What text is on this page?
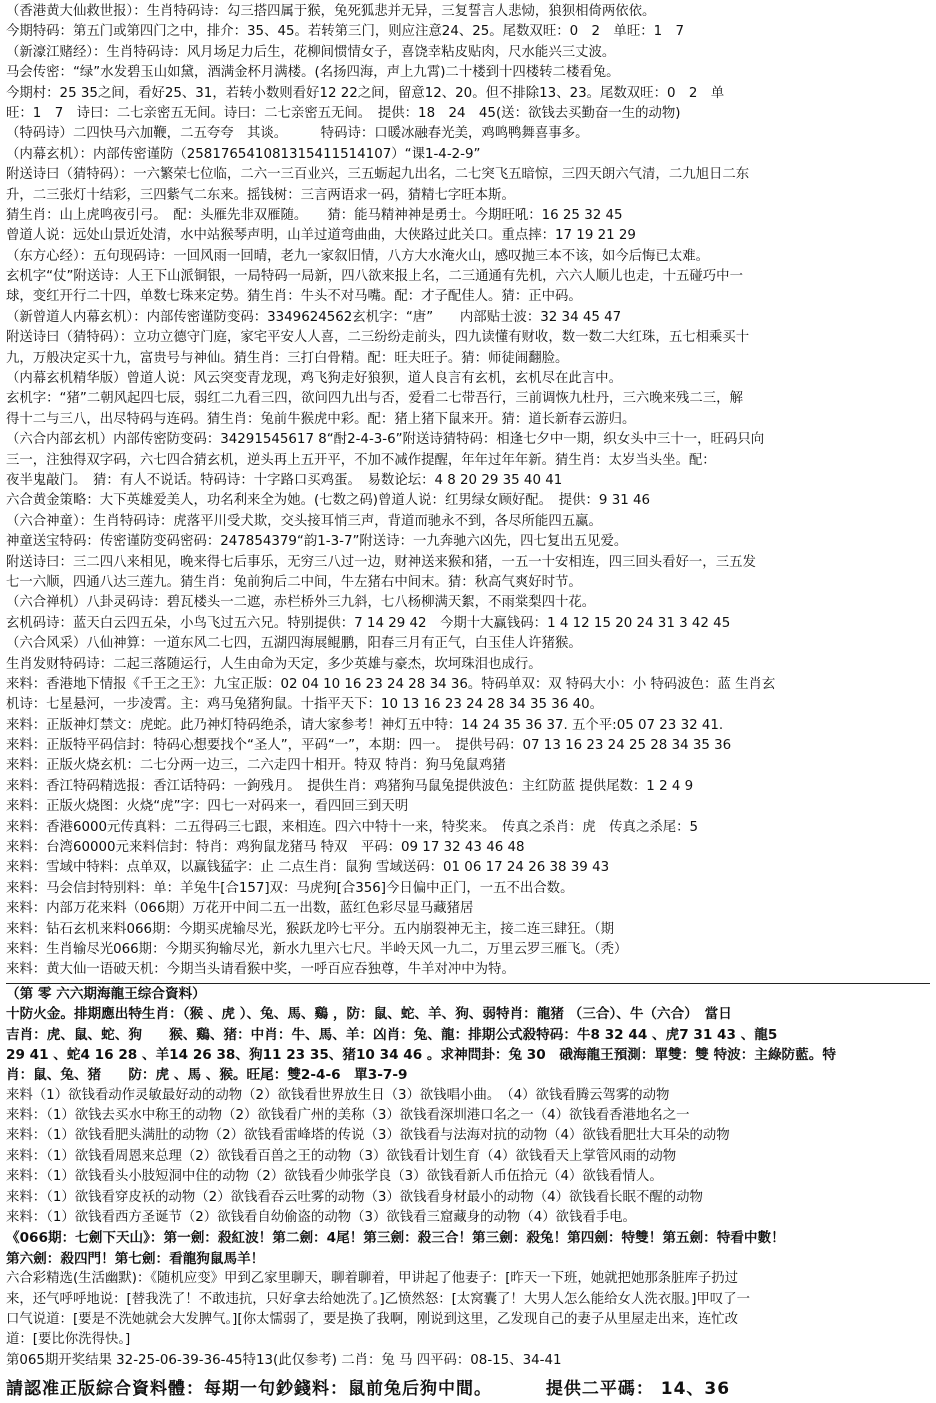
（香港黄大仙救世报）：生肖特码诗：勾三搭四属于猴，兔死狐悲并无异，三复誓言人悲恸，狼狈相倚两依依。
今期特码：第五门或第四门之中，排介：35、45。若转第三门，则应注意24、25。尾数双旺：0　2　单旺：1　7
（新濠江赌经）：生肖特码诗：风月场足力后生，花柳间惯情女子，喜饶幸粘皮贴肉，尺水能兴三丈波。
马会传密：“绿”水发碧玉山如黛，酒满金杯月满楼。(名扬四海，声上九霄)二十楼到十四楼转二楼看兔。
今期村：25 35之间，看好25、31，若转小数则看好12 22之间，留意12、20。但不排除13、23。尾数双旺：0　2　单
旺：1　7　诗曰：二七亲密五无间。诗曰：二七亲密五无间。　提供：18　24　45(送：欲钱去买勤奋一生的动物)
（特码诗）二四快马六加鞭，二五夸夸　其谈。　　　特码诗：口暖冰融春光美，鸡鸣鸭舞喜事多。
（内幕玄机）：内部传密谨防（258176541081315411514107）“课1-4-2-9”
附送诗曰（猜特码）：一六繁荣七位临，二六一三百业兴，三五蛎起九出名，二七突飞五暗惊，三四天朗六气清，二九旭日二东
升，二三张灯十结彩，三四紫气二东来。摇钱树：三言两语求一码，猜精七字旺本斯。
猜生肖：山上虎鸣夜引弓。　配：头雁先非双雁随。　　猜：能马精神神是勇士。今期旺吼：16 25 32 45
曾道人说：远处山景近处清，水中站猴琴声明，山羊过道弯曲曲，大侠路过此关口。重点摔：17 19 21 29
（东方心经）：五句现码诗：一回风雨一回晴，老九一家叙旧情，八方大水淹火山，感叹抛三本不该，如今后悔已太难。
玄机字“仗”附送诗：人王下山派铜银，一局特码一局新，四八欲来报上名，二三通通有先机，六六人顺儿也走，十五碰巧中一
球，变红开行二十四，单数七珠来定势。猜生肖：牛头不对马嘴。配：才子配佳人。猜：正中码。
（新曾道人内幕玄机）：内部传密谨防变码：3349624562玄机字：“唐”　　内部贴士波：32 34 45 47
附送诗曰（猜特码）：立功立德守门庭，家宅平安人人喜，二三纷纷走前头，四九读懂有财收，数一数二大红珠，五七相乘买十
九，万般决定买十九，富贵号与神仙。猜生肖：三打白骨精。配：旺夫旺子。猜：师徒闹翻脸。
（内幕玄机精华版）曾道人说：风云突变青龙现，鸡飞狗走好狼狈，道人良言有玄机，玄机尽在此言中。
玄机字：“猪”二朝风起四七辰，弱红二九看三四，欲问四九出与否，爱看二七带吾行，三前调恢九杜丹，三六晚来残二三，解
得十二与三八，出尽特码与连码。猜生肖：兔前牛猴虎中彩。配：猪上猪下鼠来开。猜：道长新春云游归。
（六合内部玄机）内部传密防变码：34291545617 8“酎2-4-3-6”附送诗猜特码：相逢七夕中一期，织女头中三十一，旺码只向
三一，注独得双字码，六七四合猜玄机，逆头再上五开平，不加不减作提醒，年年过年年新。猜生肖：太岁当头坐。配：
夜半鬼敲门。　猜：有人不说话。特码诗：十字路口买鸡蛋。　易数论坛：4 8 20 29 35 40 41
六合黄金策略：大下英雄爱美人，功名利来全为她。(七数之码)曾道人说：红男绿女顾好配。　提供：9 31 46
（六合神童）：生肖特码诗：虎落平川受犬欺，交头接耳悄三声，背道而驰永不到，各尽所能四五赢。
神童送宝特码：传密谨防变码密码：247854379“韵1-3-7”附送诗：一九奔驰六凶先，四七复出五见爱。
附送诗曰：三二四八来相见，晚来得七后事乐，无穷三八过一边，财神送来猴和猪，一五一十安相连，四三回头看好一，三五发
七一六顺，四通八达三莲九。猜生肖：兔前狗后二中间，牛左猪右中间末。猜：秋高气爽好时节。
（六合禅机）八卦灵码诗：碧瓦楼头一二遮，赤栏桥外三九斜，七八杨柳满天絮，不雨棠梨四十花。
玄机码诗：蓝天白云四五朵，小鸟飞过五六兄。特别提供：7 14 29 42　今期十大赢钱码：1 4 12 15 20 24 31 3 42 45
（六合风采）八仙神算：一道东风二七四，五湖四海展鲲鹏，阳春三月有正气，白玉佳人许猪猴。
生肖发财特码诗：二起三落随运行，人生由命为天定，多少英雄与豪杰，坎坷珠泪也成行。
来料：香港地下情报《千王之王》：九宝正版：02 04 10 16 23 24 28 34 36。特码单双：双 特码大小：小 特码波色：蓝 生肖玄
机诗：七星悬河，一步凌霄。主：鸡马兔猪狗鼠。十指平天下：10 13 16 23 24 28 34 35 36 40。
来料：正版神灯禁文：虎蛇。此乃神灯特码绝杀，请大家参考！神灯五中特：14 24 35 36 37. 五个平:05 07 23 32 41.
来料：正版特平码信封：特码心想要找个“圣人”，平码“一”，本期：四一。　提供号码：07 13 16 23 24 25 28 34 35 36
来料：正版火烧玄机：二七分两一边三，二六走四十相开。特双 特肖：狗马兔鼠鸡猪
来料：香江特码精选报：香江话特码：一鉤残月。　提供生肖：鸡猪狗马鼠兔提供波色：主红防蓝 提供尾数：1 2 4 9
来料：正版火烧图：火烧“虎”字：四七一对码来一，看四回三到天明
来料：香港6000元传真料：二五得码三七跟，来相连。四六中特十一来，特奖来。　传真之杀肖：虎　传真之杀尾：5
来料：台湾60000元来料信封：特肖：鸡狗鼠龙猪马 特双　平码：09 17 32 43 46 48
来料：雪域中特料：点单双，以赢钱猛字：止 二点生肖：鼠狗 雪域送码：01 06 17 24 26 38 39 43
来料：马会信封特别料：单：羊兔牛[合157]双：马虎狗[合356]今日偏中正门，一五不出合数。
来料：内部万花来料（066期）万花开中间二五一出数，蓝红色彩尽显马藏猪居
来料：钻石玄机来料066期：今期买虎输尽光，猴跃龙吟七平分。五内崩裂神无主，接二连三肆狂。（期
来料：生肖输尽光066期：今期买狗输尽光，新水九里六七尺。半岭天风一九二，万里云罗三雁飞。（秃）
来料：黄大仙一语破天机：今期当头请看猴中奖，一呼百应吞独尊，牛羊对冲中为特。
（第 零 六六期海龍王综合資料）
十防火金。排期應出特生肖：（猴 、虎 ）、兔、馬、鷄 ，防：鼠、蛇、羊、狗、弱特肖：龍猪 （三合）、牛（六合）　當日
吉肖：虎、鼠、蛇、狗　　猴、鷄、猪：中肖：牛、馬、羊：凶肖：兔、龍：排期公式殺特码：牛8 32 44 、虎7 31 43 、龍5
29 41 、蛇4 16 28 、羊14 26 38、狗11 23 35、猪10 34 46 。求神問卦：兔 30　硪海龍王預測：單雙：雙 特波：主綠防藍。特
肖：鼠、兔、猪　　防：虎 、馬 、猴。旺尾：雙2-4-6　單3-7-9
来料（1）欲钱看动作灵敏最好动的动物（2）欲钱看世界放生日（3）欲钱唱小曲。　（4）欲钱看腾云驾雾的动物
来料：（1）欲钱去买水中称王的动物（2）欲钱看广州的美称（3）欲钱看深圳港口名之一（4）欲钱看香港地名之一
来料：（1）欲钱看肥头满肚的动物（2）欲钱看雷峰塔的传说（3）欲钱看与法海对抗的动物（4）欲钱看肥壮大耳朵的动物
来料：（1）欲钱看周恩来总理（2）欲钱看百兽之王的动物（3）欲钱看计划生育（4）欲钱看天上掌管风雨的动物
来料：（1）欲钱看头小肢短洞中住的动物（2）欲钱看少帅张学良（3）欲钱看新人币伍拾元（4）欲钱看情人。
来料：（1）欲钱看穿皮袄的动物（2）欲钱看吞云吐雾的动物（3）欲钱看身材最小的动物（4）欲钱看长眠不醒的动物
来料：（1）欲钱看西方圣诞节（2）欲钱看自幼偷盗的动物（3）欲钱看三窟藏身的动物（4）欲钱看手电。
《066期：七劍下天山》：第一劍：殺紅波！第二劍：4尾！第三劍：殺三合！第三劍：殺兔！第四劍：特雙！第五劍：特看中數！
第六劍：殺四門！第七劍：看龍狗鼠馬羊！
六合彩精选(生活幽默)：《随机应变》甲到乙家里聊天，聊着聊着，甲讲起了他妻子：[昨天一下班，她就把她那条脏库子扔过
来，还气呼呼地说：[替我洗了！不敢违抗，只好拿去给她洗了。]乙愤然怒：[太窝囊了！大男人怎么能给女人洗衣服。]甲叹了一
口气说道：[要是不洗她就会大发脾气。][你太懦弱了，要是换了我啊，刚说到这里，乙发现自己的妻子从里屋走出来，连忙改
道：[要比你洗得快。]
第065期开奖结果 32-25-06-39-36-45特13(此仅参考) 二肖：兔 马 四平码：08-15、34-41
請認准正版綜合資料體：每期一句鈔錢料：鼠前兔后狗中間。	提供二平碼： 14、36
